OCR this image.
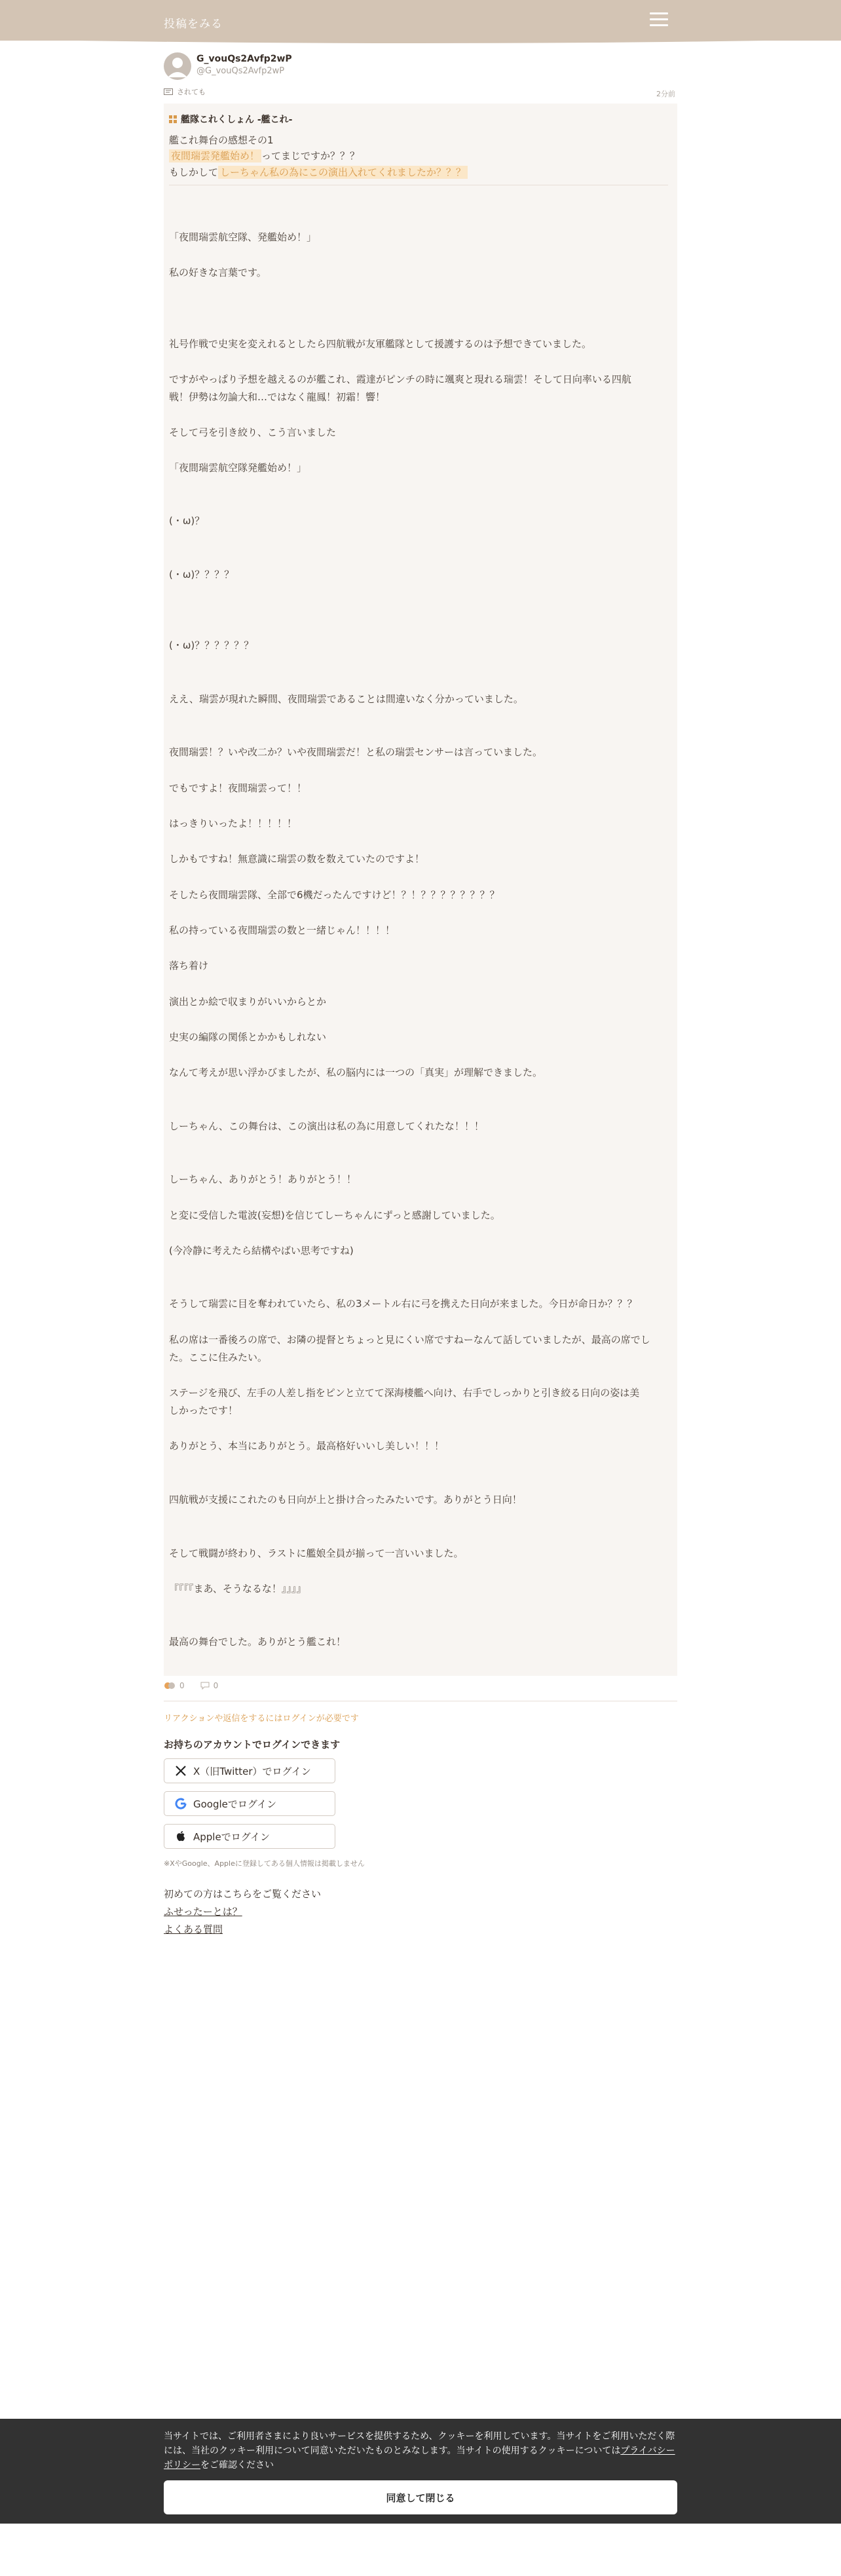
投稿をみる
G_vouQs2Avfp2wP
@G_vouQs2Avfp2wP
されても	2分前
艦隊これくしょん -艦これ-
艦これ舞台の感想その1
夜間瑞雲発艦始め！ ってまじですか？？？
もしかして しーちゃん私の為にこの演出入れてくれましたか？？？
「夜間瑞雲航空隊、発艦始め！」
私の好きな言葉です。
礼号作戦で史実を変えれるとしたら四航戦が友軍艦隊として援護するのは予想できていました。
ですがやっぱり予想を越えるのが艦これ、霞達がピンチの時に颯爽と現れる瑞雲！そして日向率いる四航
戦！伊勢は勿論大和…ではなく龍鳳！初霜！響！
そして弓を引き絞り、こう言いました
「夜間瑞雲航空隊発艦始め！」
(・ω)？
(・ω)？？？？
(・ω)？？？？？？
ええ、瑞雲が現れた瞬間、夜間瑞雲であることは間違いなく分かっていました。
夜間瑞雲！？いや改二か？いや夜間瑞雲だ！と私の瑞雲センサーは言っていました。
でもですよ！夜間瑞雲って！！
はっきりいったよ！！！！！
しかもですね！無意識に瑞雲の数を数えていたのですよ！
そしたら夜間瑞雲隊、全部で6機だったんですけど！？！？？？？？？？？
私の持っている夜間瑞雲の数と一緒じゃん！！！！
落ち着け
演出とか絵で収まりがいいからとか
史実の編隊の関係とかかもしれない
なんて考えが思い浮かびましたが、私の脳内には一つの「真実」が理解できました。
しーちゃん、この舞台は、この演出は私の為に用意してくれたな！！！
しーちゃん、ありがとう！ありがとう！！
と変に受信した電波(妄想)を信じてしーちゃんにずっと感謝していました。
(今冷静に考えたら結構やばい思考ですね)
そうして瑞雲に目を奪われていたら、私の3メートル右に弓を携えた日向が来ました。今日が命日か？？？
私の席は一番後ろの席で、お隣の提督とちょっと見にくい席ですねーなんて話していましたが、最高の席でし
た。ここに住みたい。
ステージを飛び、左手の人差し指をピンと立てて深海棲艦へ向け、右手でしっかりと引き絞る日向の姿は美
しかったです！
ありがとう、本当にありがとう。最高格好いいし美しい！！！
四航戦が支援にこれたのも日向が上と掛け合ったみたいです。ありがとう日向！
そして戦闘が終わり、ラストに艦娘全員が揃って一言いいました。
『『『『まあ、そうなるな！』』』』
最高の舞台でした。ありがとう艦これ！
0	0
リアクションや返信をするにはログインが必要です
お持ちのアカウントでログインできます
X（旧Twitter）でログイン
Googleでログイン
Appleでログイン
※XやGoogle、Appleに登録してある個人情報は掲載しません
初めての方はこちらをご覧ください
ふせったーとは？
よくある質問
当サイトでは、ご利用者さまにより良いサービスを提供するため、クッキーを利用しています。当サイトをご利用いただく際には、当社のクッキー利用について同意いただいたものとみなします。当サイトの使用するクッキーについてはプライバシーポリシーをご確認ください
同意して閉じる
